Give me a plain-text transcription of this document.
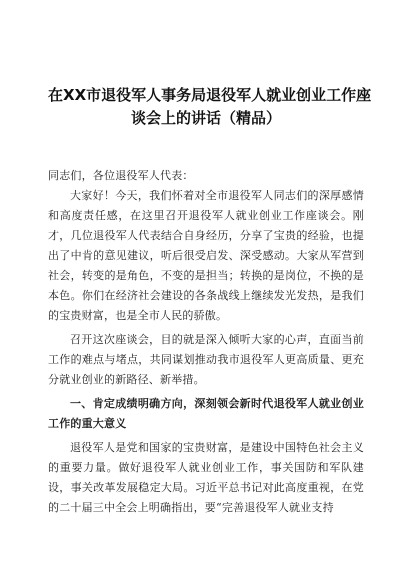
在XX市退役军人事务局退役军人就业创业工作座
谈会上的讲话（精品）

同志们，各位退役军人代表：

大家好！今天，我们怀着对全市退役军人同志们的深厚感情和高度责任感，在这里召开退役军人就业创业工作座谈会。刚才，几位退役军人代表结合自身经历，分享了宝贵的经验，也提出了中肯的意见建议，听后很受启发、深受感动。大家从军营到社会，转变的是角色，不变的是担当；转换的是岗位，不换的是本色。你们在经济社会建设的各条战线上继续发光发热，是我们的宝贵财富，也是全市人民的骄傲。

召开这次座谈会，目的就是深入倾听大家的心声，直面当前工作的难点与堵点，共同谋划推动我市退役军人更高质量、更充分就业创业的新路径、新举措。

一、肯定成绩明确方向，深刻领会新时代退役军人就业创业工作的重大意义

退役军人是党和国家的宝贵财富，是建设中国特色社会主义的重要力量。做好退役军人就业创业工作，事关国防和军队建设，事关改革发展稳定大局。习近平总书记对此高度重视，在党的二十届三中全会上明确指出，要“完善退役军人就业支持
